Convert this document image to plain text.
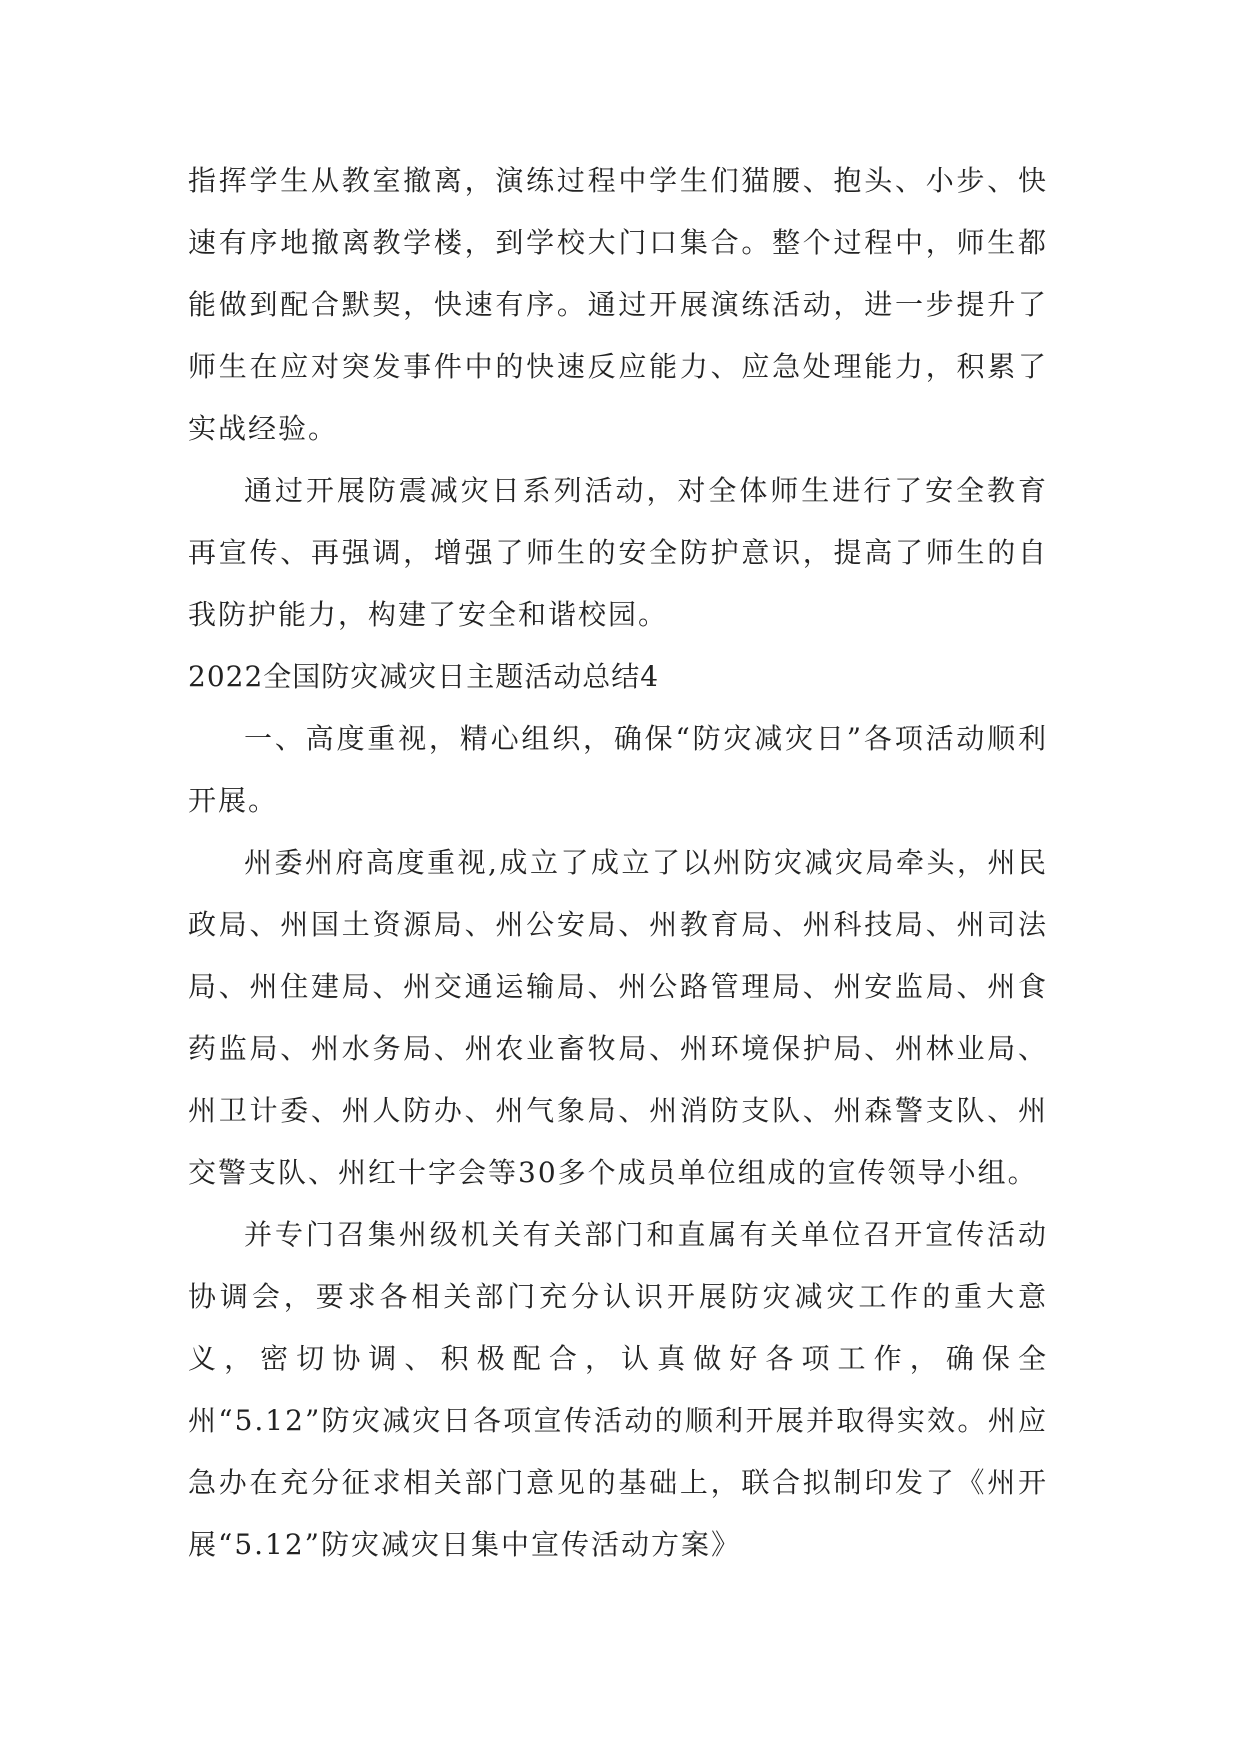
指挥学生从教室撤离，演练过程中学生们猫腰、抱头、小步、快速有序地撤离教学楼，到学校大门口集合。整个过程中，师生都能做到配合默契，快速有序。通过开展演练活动，进一步提升了师生在应对突发事件中的快速反应能力、应急处理能力，积累了实战经验。

通过开展防震减灾日系列活动，对全体师生进行了安全教育再宣传、再强调，增强了师生的安全防护意识，提高了师生的自我防护能力，构建了安全和谐校园。

2022全国防灾减灾日主题活动总结4

一、高度重视，精心组织，确保“防灾减灾日”各项活动顺利开展。

州委州府高度重视,成立了成立了以州防灾减灾局牵头，州民政局、州国土资源局、州公安局、州教育局、州科技局、州司法局、州住建局、州交通运输局、州公路管理局、州安监局、州食药监局、州水务局、州农业畜牧局、州环境保护局、州林业局、州卫计委、州人防办、州气象局、州消防支队、州森警支队、州交警支队、州红十字会等30多个成员单位组成的宣传领导小组。

并专门召集州级机关有关部门和直属有关单位召开宣传活动协调会，要求各相关部门充分认识开展防灾减灾工作的重大意义，密切协调、积极配合，认真做好各项工作，确保全州“5.12”防灾减灾日各项宣传活动的顺利开展并取得实效。州应急办在充分征求相关部门意见的基础上，联合拟制印发了《州开展“5.12”防灾减灾日集中宣传活动方案》
